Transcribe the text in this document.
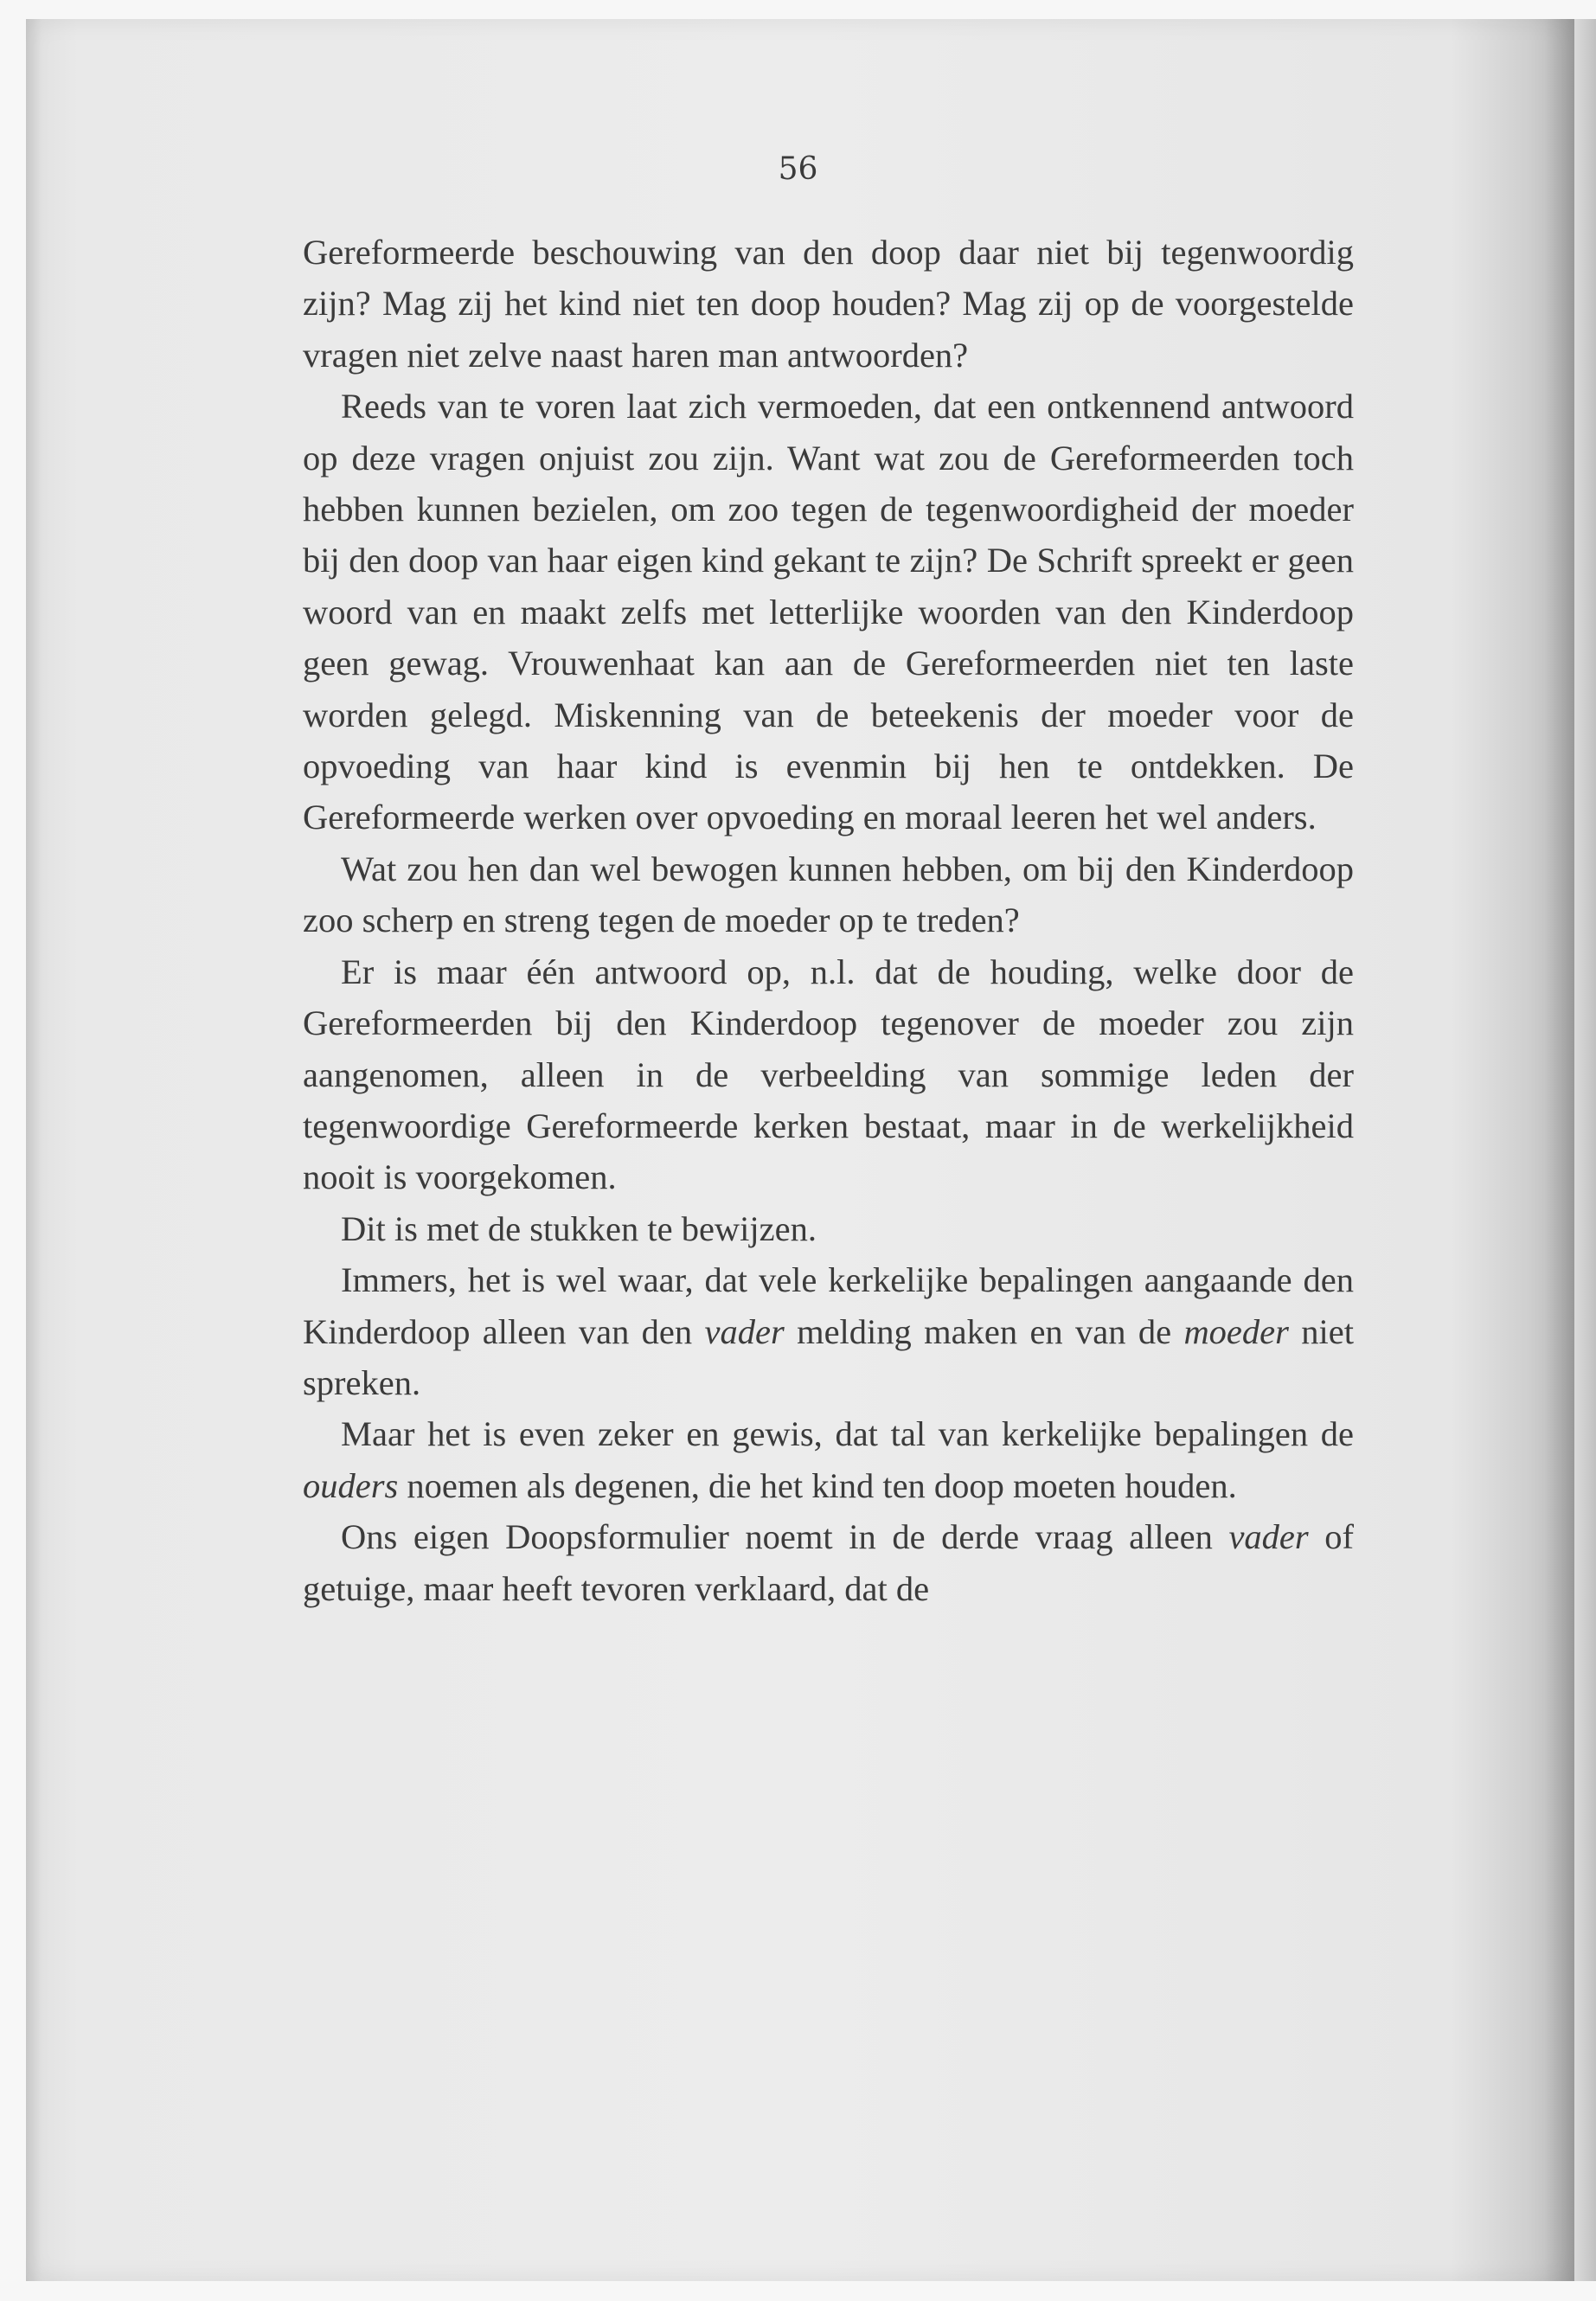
56

Gereformeerde beschouwing van den doop daar niet bij tegenwoordig zijn? Mag zij het kind niet ten doop houden? Mag zij op de voorgestelde vragen niet zelve naast haren man antwoorden?

Reeds van te voren laat zich vermoeden, dat een ontkennend antwoord op deze vragen onjuist zou zijn. Want wat zou de Gereformeerden toch hebben kunnen bezielen, om zoo tegen de tegenwoordigheid der moeder bij den doop van haar eigen kind gekant te zijn? De Schrift spreekt er geen woord van en maakt zelfs met letterlijke woorden van den Kinderdoop geen gewag. Vrouwenhaat kan aan de Gereformeerden niet ten laste worden gelegd. Miskenning van de beteekenis der moeder voor de opvoeding van haar kind is evenmin bij hen te ontdekken. De Gereformeerde werken over opvoeding en moraal leeren het wel anders.

Wat zou hen dan wel bewogen kunnen hebben, om bij den Kinderdoop zoo scherp en streng tegen de moeder op te treden?

Er is maar één antwoord op, n.l. dat de houding, welke door de Gereformeerden bij den Kinderdoop tegenover de moeder zou zijn aangenomen, alleen in de verbeelding van sommige leden der tegenwoordige Gereformeerde kerken bestaat, maar in de werkelijkheid nooit is voorgekomen.

Dit is met de stukken te bewijzen.

Immers, het is wel waar, dat vele kerkelijke bepalingen aangaande den Kinderdoop alleen van den vader melding maken en van de moeder niet spreken.

Maar het is even zeker en gewis, dat tal van kerkelijke bepalingen de ouders noemen als degenen, die het kind ten doop moeten houden.

Ons eigen Doopsformulier noemt in de derde vraag alleen vader of getuige, maar heeft tevoren verklaard, dat de
